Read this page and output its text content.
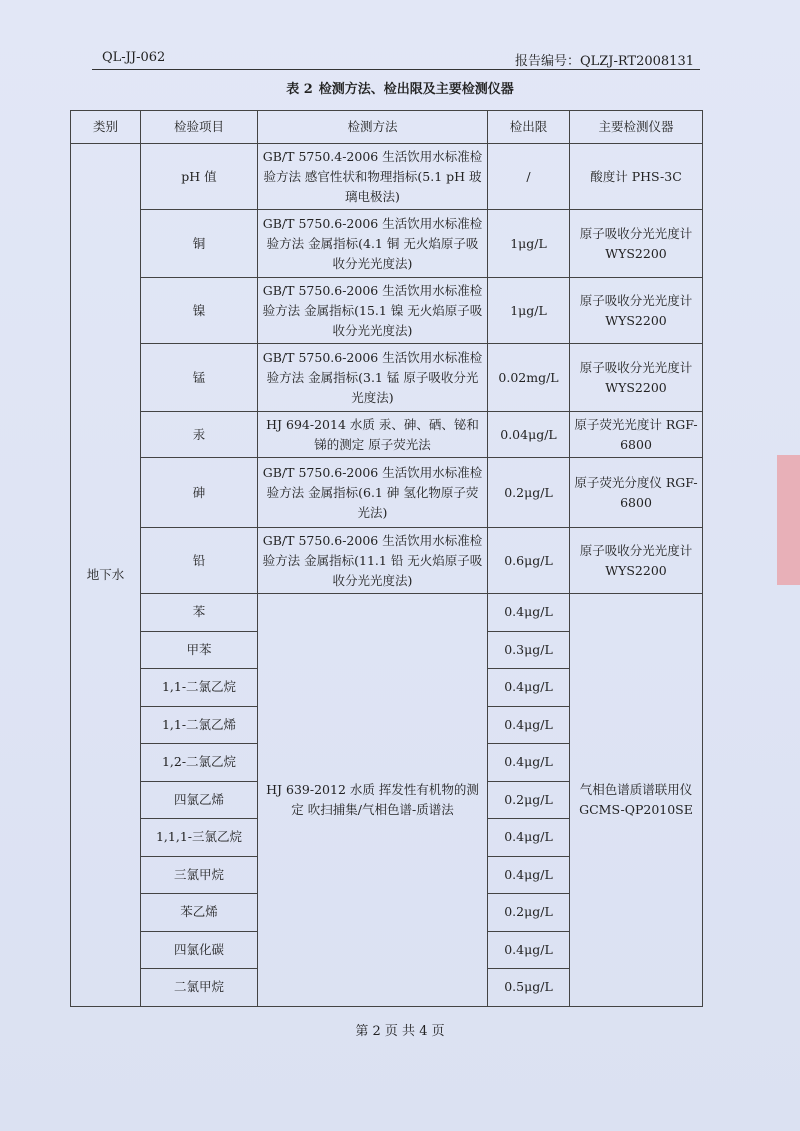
QL-JJ-062	报告编号：QLZJ-RT2008131
表 2 检测方法、检出限及主要检测仪器
类别	检验项目	检测方法	检出限	主要检测仪器
地下水	pH 值	GB/T 5750.4-2006 生活饮用水标准检验方法 感官性状和物理指标(5.1 pH 玻璃电极法)	/	酸度计 PHS-3C
	铜	GB/T 5750.6-2006 生活饮用水标准检验方法 金属指标(4.1 铜 无火焰原子吸收分光光度法)	1μg/L	原子吸收分光光度计 WYS2200
	镍	GB/T 5750.6-2006 生活饮用水标准检验方法 金属指标(15.1 镍 无火焰原子吸收分光光度法)	1μg/L	原子吸收分光光度计 WYS2200
	锰	GB/T 5750.6-2006 生活饮用水标准检验方法 金属指标(3.1 锰 原子吸收分光光度法)	0.02mg/L	原子吸收分光光度计 WYS2200
	汞	HJ 694-2014 水质 汞、砷、硒、铋和锑的测定 原子荧光法	0.04μg/L	原子荧光光度计 RGF-6800
	砷	GB/T 5750.6-2006 生活饮用水标准检验方法 金属指标(6.1 砷 氢化物原子荧光法)	0.2μg/L	原子荧光分度仪 RGF-6800
	铅	GB/T 5750.6-2006 生活饮用水标准检验方法 金属指标(11.1 铅 无火焰原子吸收分光光度法)	0.6μg/L	原子吸收分光光度计 WYS2200
	苯	HJ 639-2012 水质 挥发性有机物的测定 吹扫捕集/气相色谱-质谱法	0.4μg/L	气相色谱质谱联用仪 GCMS-QP2010SE
	甲苯		0.3μg/L	
	1,1-二氯乙烷		0.4μg/L	
	1,1-二氯乙烯		0.4μg/L	
	1,2-二氯乙烷		0.4μg/L	
	四氯乙烯		0.2μg/L	
	1,1,1-三氯乙烷		0.4μg/L	
	三氯甲烷		0.4μg/L	
	苯乙烯		0.2μg/L	
	四氯化碳		0.4μg/L	
	二氯甲烷		0.5μg/L	
第 2 页 共 4 页
